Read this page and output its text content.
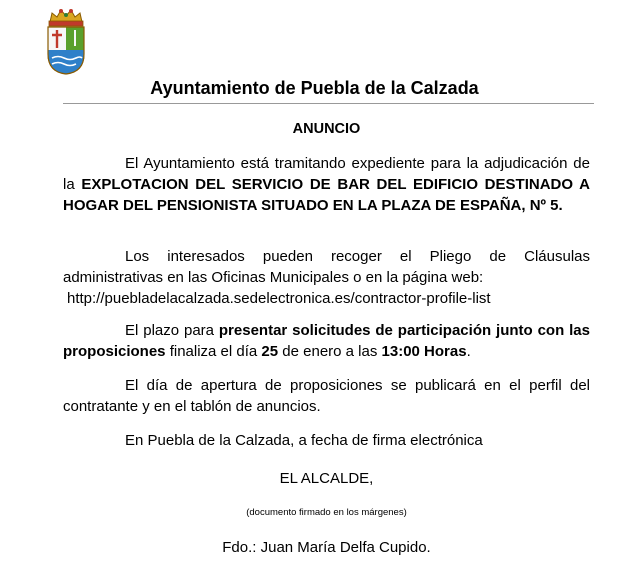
Ayuntamiento de Puebla de la Calzada
ANUNCIO
El Ayuntamiento está tramitando expediente para la adjudicación de la EXPLOTACION DEL SERVICIO DE BAR DEL EDIFICIO DESTINADO A HOGAR DEL PENSIONISTA SITUADO EN LA PLAZA DE ESPAÑA, Nº 5.
Los interesados pueden recoger el Pliego de Cláusulas administrativas en las Oficinas Municipales o en la página web:
http://puebladelacalzada.sedelectronica.es/contractor-profile-list
El plazo para presentar solicitudes de participación junto con las proposiciones finaliza el día 25 de enero a las 13:00 Horas.
El día de apertura de proposiciones se publicará en el perfil del contratante y en el tablón de anuncios.
En Puebla de la Calzada, a fecha de firma electrónica
EL ALCALDE,
(documento firmado en los márgenes)
Fdo.: Juan María Delfa Cupido.
